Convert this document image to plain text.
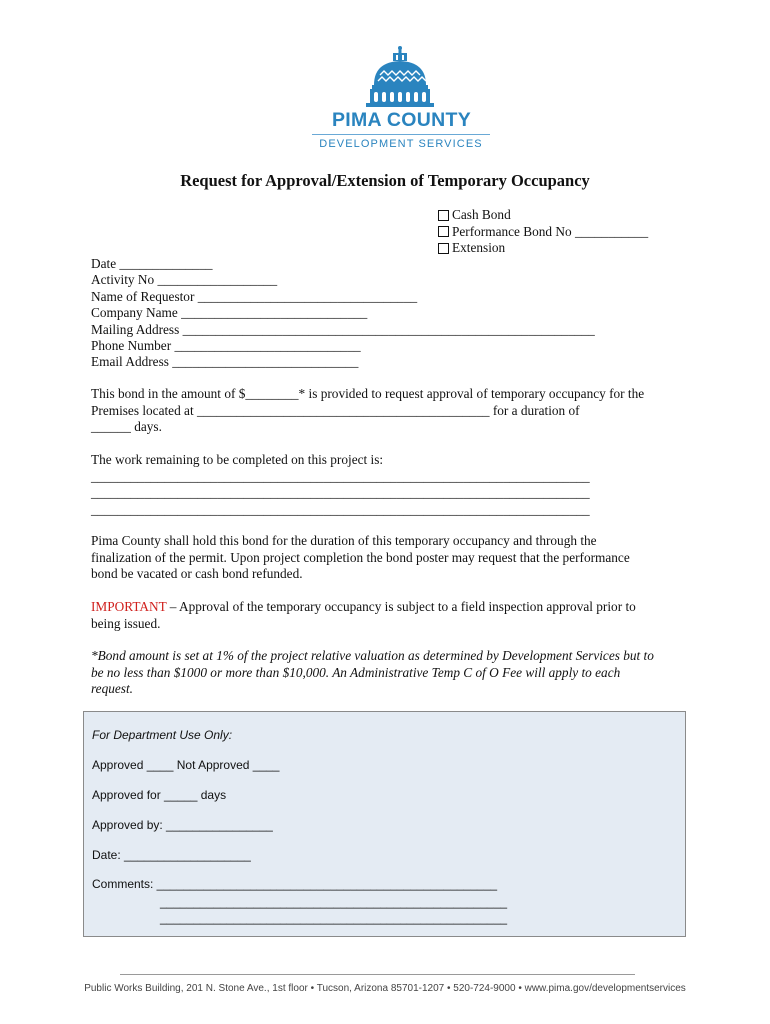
PIMA COUNTY
DEVELOPMENT SERVICES
Request for Approval/Extension of Temporary Occupancy
Cash Bond
Performance Bond No ___________
Extension
Date ______________
Activity No __________________
Name of Requestor _________________________________
Company Name ____________________________
Mailing Address ______________________________________________________________
Phone Number ____________________________
Email Address ____________________________
This bond in the amount of $________* is provided to request approval of temporary occupancy for the
Premises located at ____________________________________________ for a duration of
______ days.
The work remaining to be completed on this project is:
___________________________________________________________________________
___________________________________________________________________________
___________________________________________________________________________
Pima County shall hold this bond for the duration of this temporary occupancy and through the
finalization of the permit. Upon project completion the bond poster may request that the performance
bond be vacated or cash bond refunded.
IMPORTANT – Approval of the temporary occupancy is subject to a field inspection approval prior to
being issued.
*Bond amount is set at 1% of the project relative valuation as determined by Development Services but to
be no less than $1000 or more than $10,000. An Administrative Temp C of O Fee will apply to each
request.
For Department Use Only:
Approved ____ Not Approved ____
Approved for _____ days
Approved by: ________________
Date: ___________________
Comments: ___________________________________________________
____________________________________________________
____________________________________________________
Public Works Building, 201 N. Stone Ave., 1st floor • Tucson, Arizona 85701-1207 • 520-724-9000 • www.pima.gov/developmentservices
